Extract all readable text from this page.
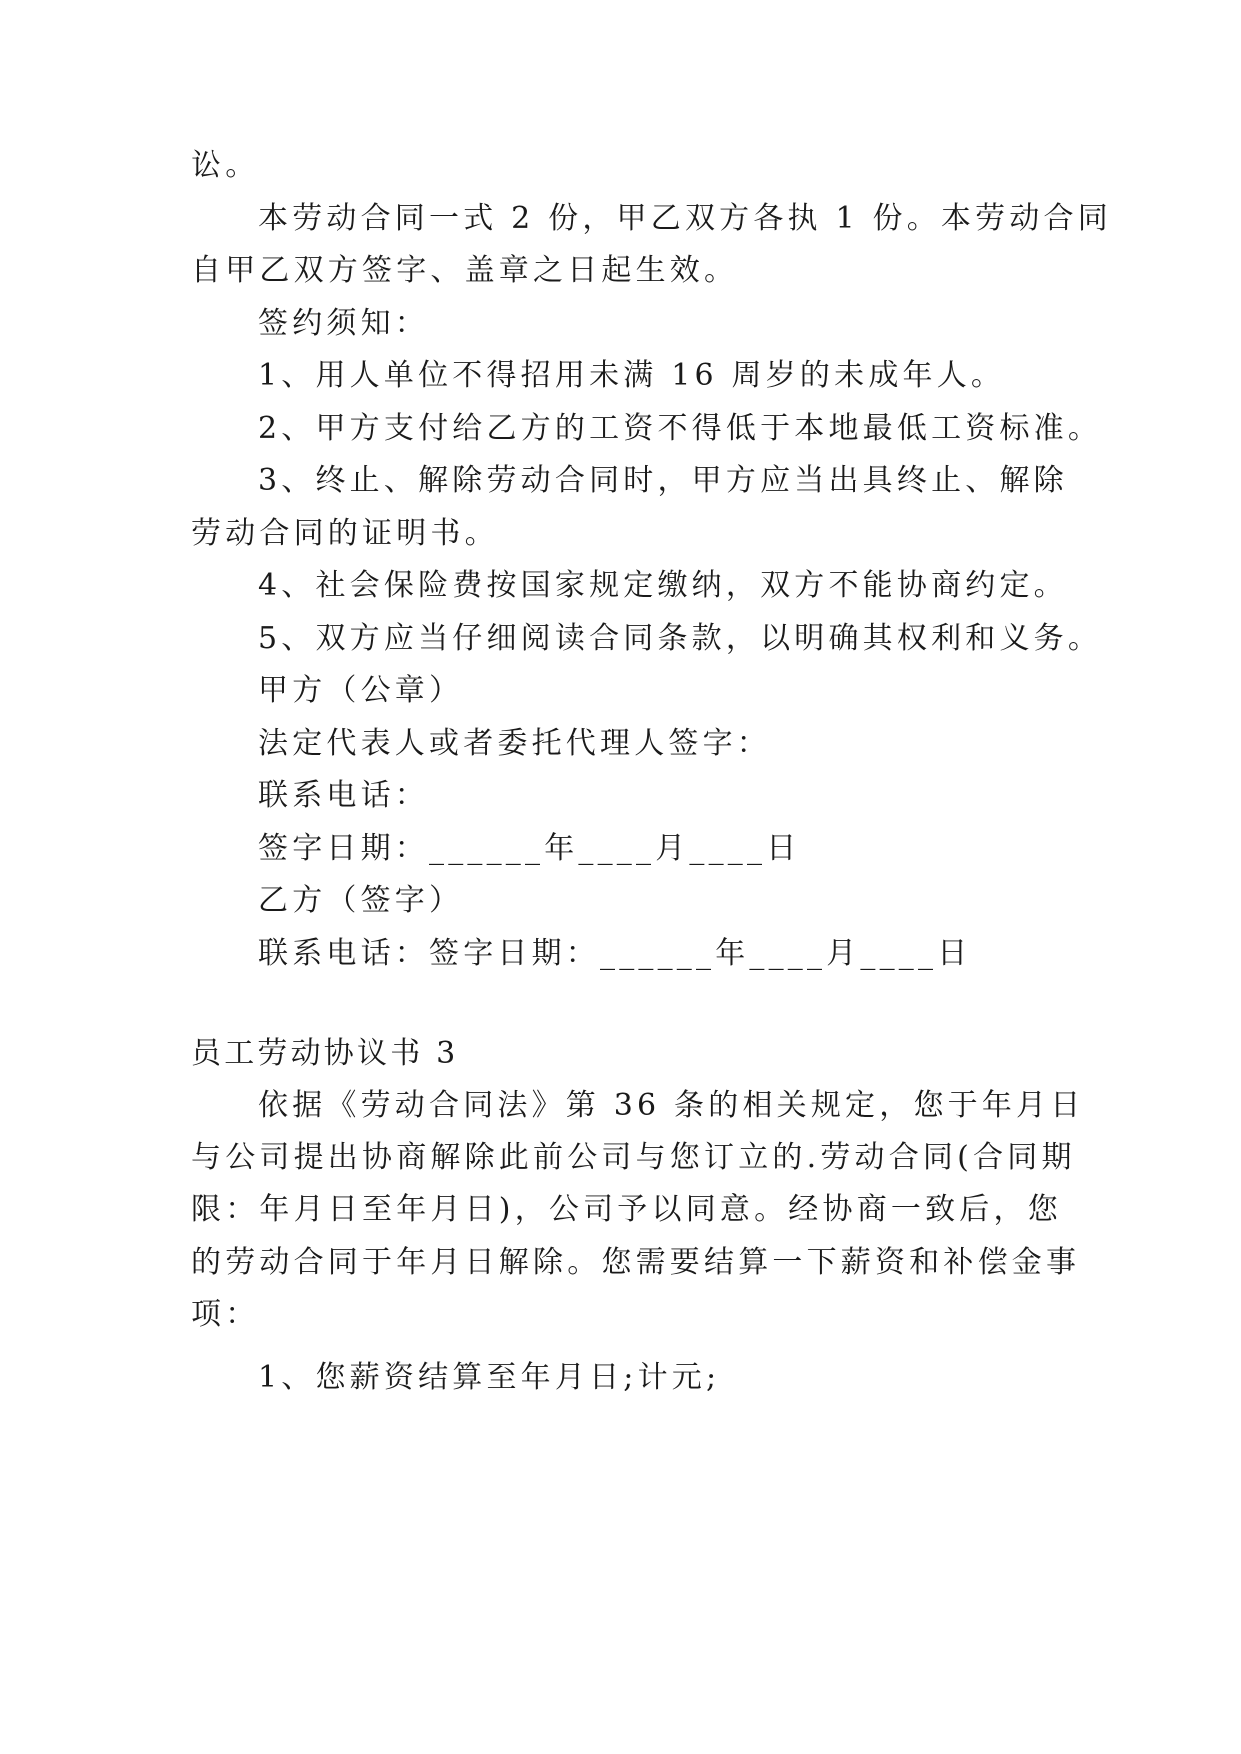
讼。
本劳动合同一式 2 份，甲乙双方各执 1 份。本劳动合同
自甲乙双方签字、盖章之日起生效。
签约须知：
1、用人单位不得招用未满 16 周岁的未成年人。
2、甲方支付给乙方的工资不得低于本地最低工资标准。
3、终止、解除劳动合同时，甲方应当出具终止、解除
劳动合同的证明书。
4、社会保险费按国家规定缴纳，双方不能协商约定。
5、双方应当仔细阅读合同条款，以明确其权利和义务。
甲方（公章）
法定代表人或者委托代理人签字：
联系电话：
签字日期：______年____月____日
乙方（签字）
联系电话：签字日期：______年____月____日
员工劳动协议书 3
依据《劳动合同法》第 36 条的相关规定，您于年月日
与公司提出协商解除此前公司与您订立的.劳动合同(合同期
限：年月日至年月日)，公司予以同意。经协商一致后，您
的劳动合同于年月日解除。您需要结算一下薪资和补偿金事
项：
1、您薪资结算至年月日;计元;
